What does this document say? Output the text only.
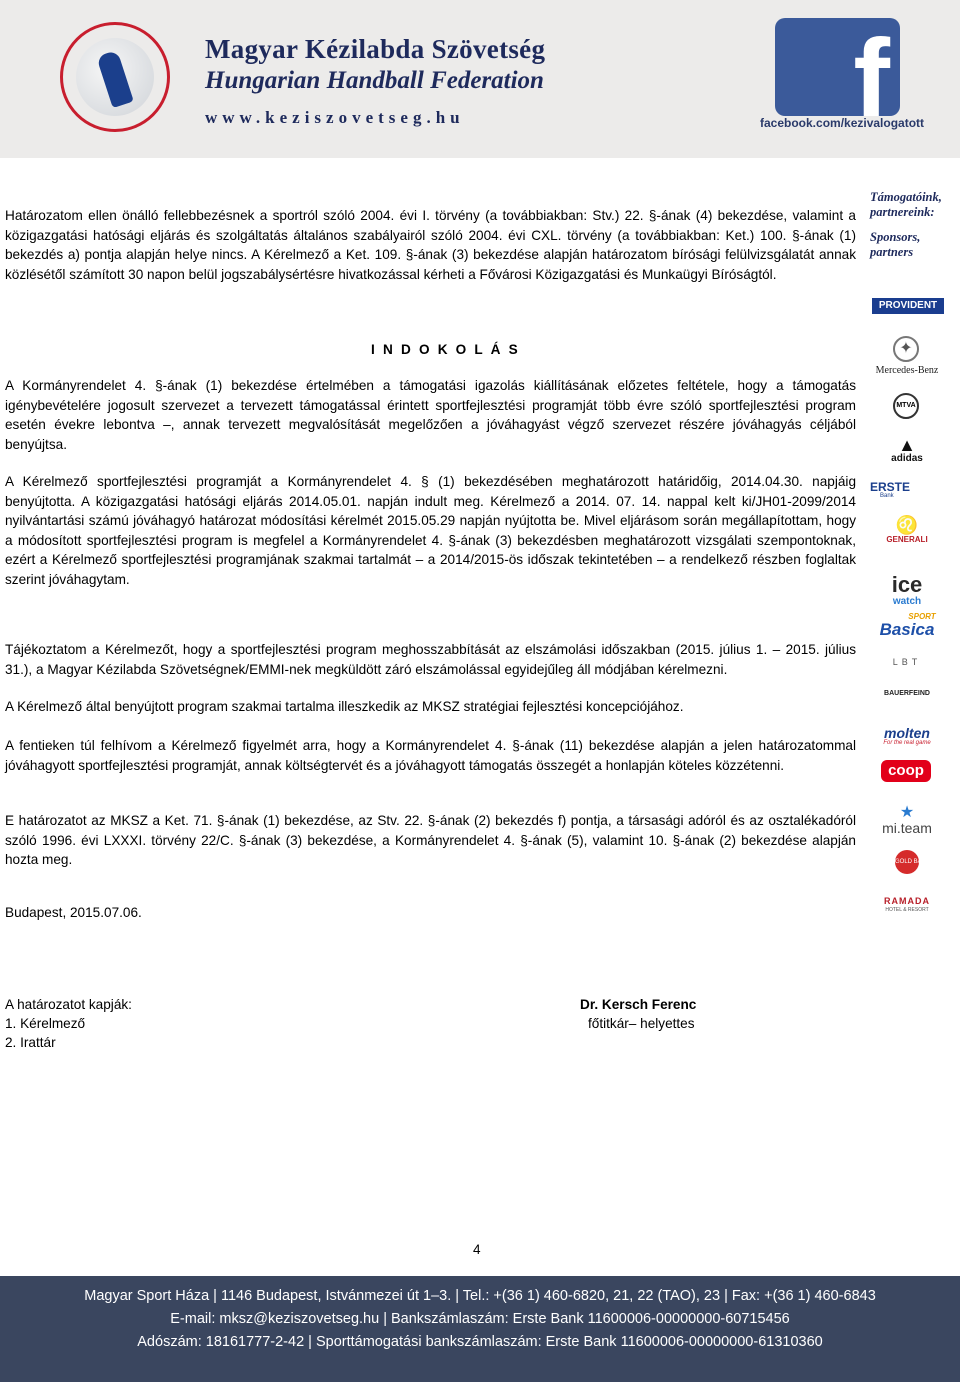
Magyar Kézilabda Szövetség
Hungarian Handball Federation
www.keziszovetseg.hu	f
facebook.com/kezivalogatott

Határozatom ellen önálló fellebbezésnek a sportról szóló 2004. évi I. törvény (a továbbiakban: Stv.) 22. §-ának (4) bekezdése, valamint a közigazgatási hatósági eljárás és szolgáltatás általános szabályairól szóló 2004. évi CXL. törvény (a továbbiakban: Ket.) 100. §-ának (1) bekezdés a) pontja alapján helye nincs. A Kérelmező a Ket. 109. §-ának (3) bekezdése alapján határozatom bírósági felülvizsgálatát annak közlésétől számított 30 napon belül jogszabálysértésre hivatkozással kérheti a Fővárosi Közigazgatási és Munkaügyi Bíróságtól.

I N D O K O L Á S

A Kormányrendelet 4. §-ának (1) bekezdése értelmében a támogatási igazolás kiállításának előzetes feltétele, hogy a támogatás igénybevételére jogosult szervezet a tervezett támogatással érintett sportfejlesztési programját több évre szóló sportfejlesztési program esetén évekre lebontva –, annak tervezett megvalósítását megelőzően a jóváhagyást végző szervezet részére jóváhagyás céljából benyújtsa.

A Kérelmező sportfejlesztési programját a Kormányrendelet 4. § (1) bekezdésében meghatározott határidőig, 2014.04.30. napjáig benyújtotta. A közigazgatási hatósági eljárás 2014.05.01. napján indult meg. Kérelmező a 2014. 07. 14. nappal kelt ki/JH01-2099/2014 nyilvántartási számú jóváhagyó határozat módosítási kérelmét 2015.05.29 napján nyújtotta be. Mivel eljárásom során megállapítottam, hogy a módosított sportfejlesztési program is megfelel a Kormányrendelet 4. §-ának (3) bekezdésben meghatározott vizsgálati szempontoknak, ezért a Kérelmező sportfejlesztési programjának szakmai tartalmát – a 2014/2015-ös időszak tekintetében – a rendelkező részben foglaltak szerint jóváhagytam.

Tájékoztatom a Kérelmezőt, hogy a sportfejlesztési program meghosszabbítását az elszámolási időszakban (2015. július 1. – 2015. július 31.), a Magyar Kézilabda Szövetségnek/EMMI-nek megküldött záró elszámolással egyidejűleg áll módjában kérelmezni.

A Kérelmező által benyújtott program szakmai tartalma illeszkedik az MKSZ stratégiai fejlesztési koncepciójához.

A fentieken túl felhívom a Kérelmező figyelmét arra, hogy a Kormányrendelet 4. §-ának (11) bekezdése alapján a jelen határozatommal jóváhagyott sportfejlesztési programját, annak költségtervét és a jóváhagyott támogatás összegét a honlapján köteles közzétenni.

E határozatot az MKSZ a Ket. 71. §-ának (1) bekezdése, az Stv. 22. §-ának (2) bekezdés f) pontja, a társasági adóról és az osztalékadóról szóló 1996. évi LXXXI. törvény 22/C. §-ának (3) bekezdése, a Kormányrendelet 4. §-ának (5), valamint 10. §-ának (2) bekezdése alapján hozta meg.

Budapest, 2015.07.06.
A határozatot kapják:
1. Kérelmező
2. Irattár
Dr. Kersch Ferenc
főtitkár– helyettes
4
Támogatóink, partnereink:
Sponsors, partners
PROVIDENT
✦
Mercedes-Benz
MTVA
▲
adidas
ERSTE
Bank
♌
GENERALI
ice
watch
SPORT
Basica
LBT
BAUERFEIND
molten
For the real game
coop
★
mi.team
GOLD BALL
RAMADA
HOTEL & RESORT
Magyar Sport Háza | 1146 Budapest, Istvánmezei út 1–3. | Tel.: +(36 1) 460-6820, 21, 22 (TAO), 23 | Fax: +(36 1) 460-6843
E-mail: mksz@keziszovetseg.hu | Bankszámlaszám: Erste Bank 11600006-00000000-60715456
Adószám: 18161777-2-42 | Sporttámogatási bankszámlaszám: Erste Bank 11600006-00000000-61310360
